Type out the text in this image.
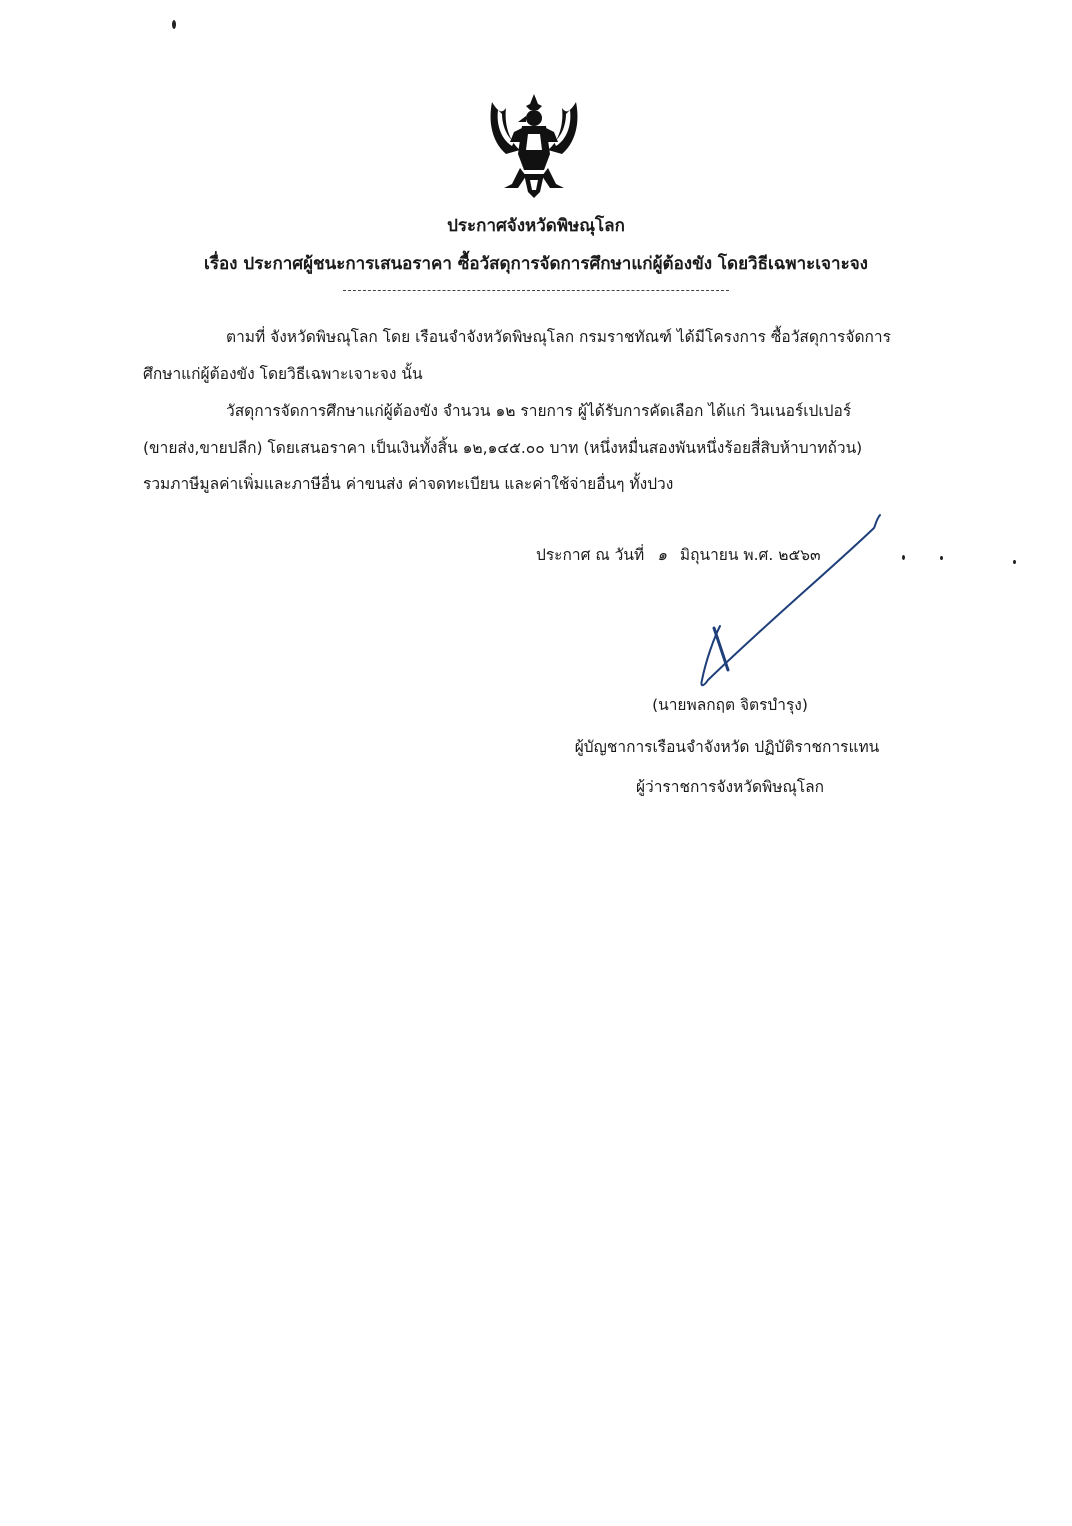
ประกาศจังหวัดพิษณุโลก
เรื่อง ประกาศผู้ชนะการเสนอราคา ซื้อวัสดุการจัดการศึกษาแก่ผู้ต้องขัง โดยวิธีเฉพาะเจาะจง
ตามที่ จังหวัดพิษณุโลก โดย เรือนจำจังหวัดพิษณุโลก กรมราชทัณฑ์ ได้มีโครงการ ซื้อวัสดุการจัดการ
ศึกษาแก่ผู้ต้องขัง โดยวิธีเฉพาะเจาะจง นั้น
วัสดุการจัดการศึกษาแก่ผู้ต้องขัง จำนวน ๑๒ รายการ ผู้ได้รับการคัดเลือก ได้แก่ วินเนอร์เปเปอร์
(ขายส่ง,ขายปลีก) โดยเสนอราคา เป็นเงินทั้งสิ้น ๑๒,๑๔๕.๐๐ บาท (หนึ่งหมื่นสองพันหนึ่งร้อยสี่สิบห้าบาทถ้วน)
รวมภาษีมูลค่าเพิ่มและภาษีอื่น ค่าขนส่ง ค่าจดทะเบียน และค่าใช้จ่ายอื่นๆ ทั้งปวง
ประกาศ ณ วันที่ ๑ มิถุนายน พ.ศ. ๒๕๖๓
(นายพลกฤต จิตรบำรุง)
ผู้บัญชาการเรือนจำจังหวัด ปฏิบัติราชการแทน
ผู้ว่าราชการจังหวัดพิษณุโลก
